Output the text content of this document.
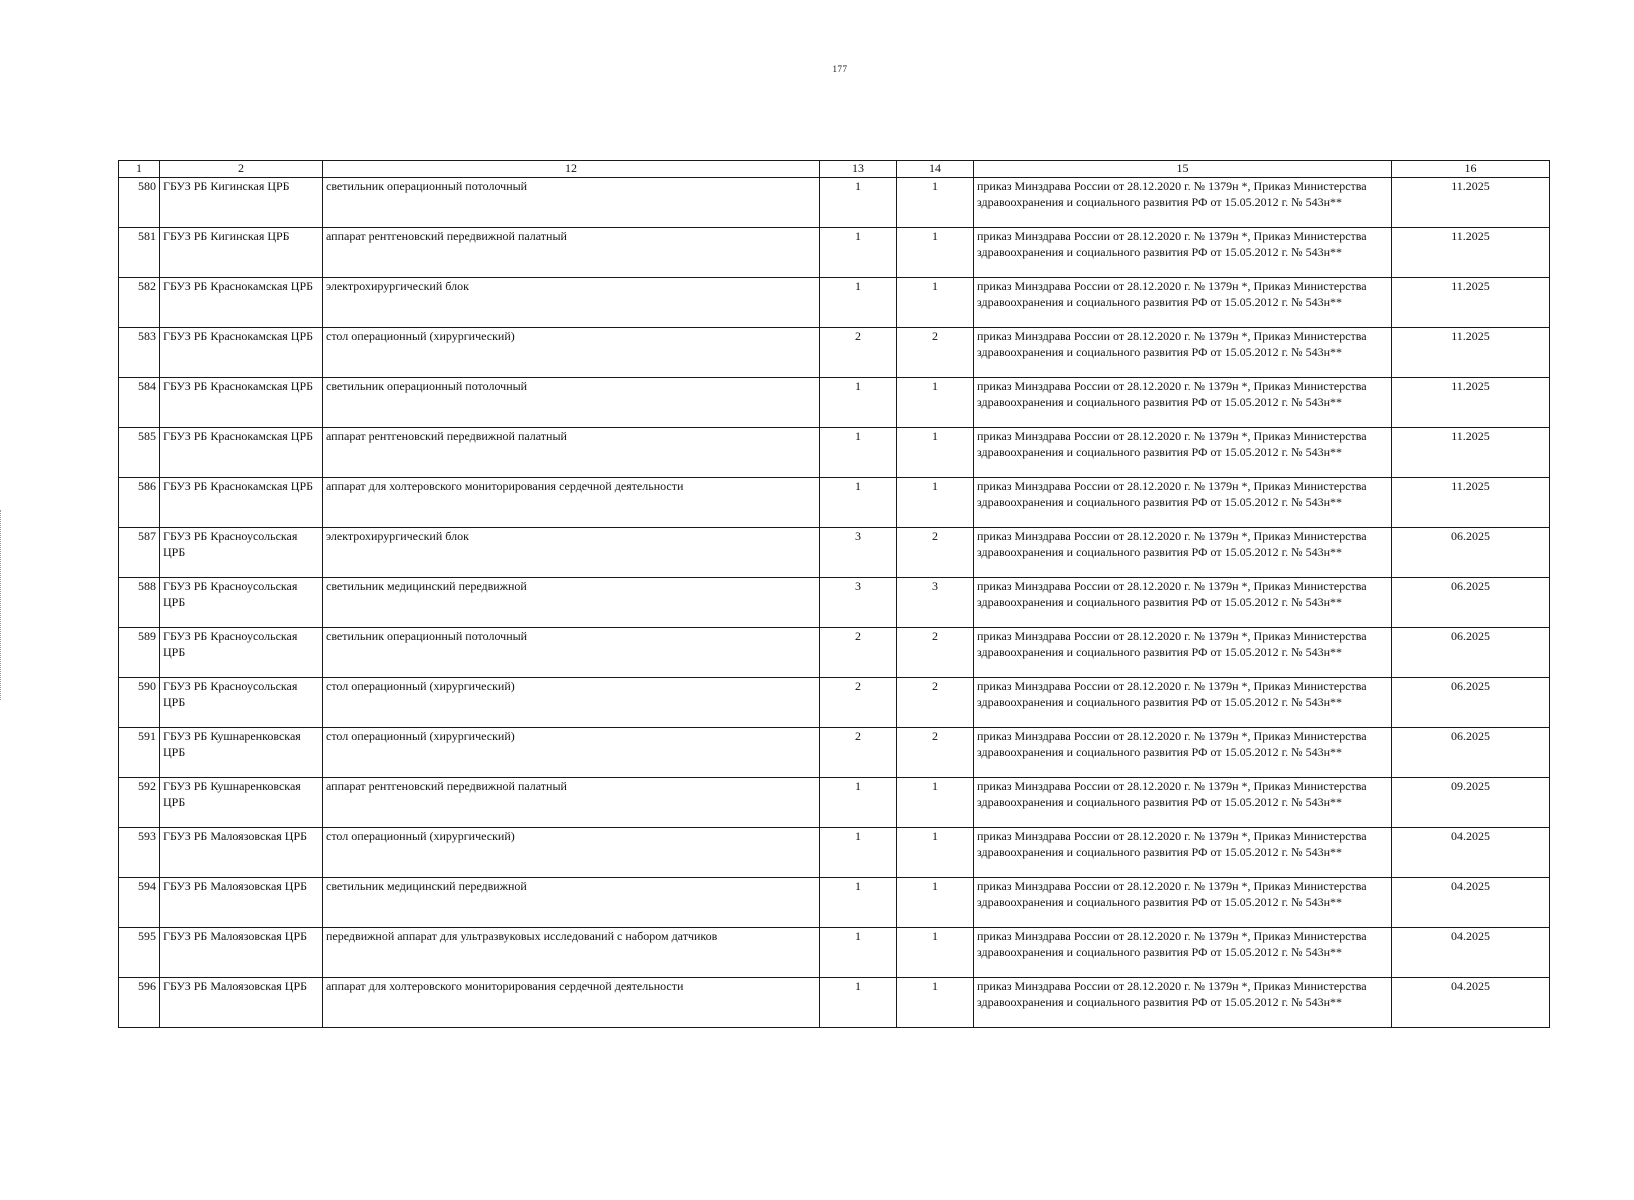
177
1	2	12	13	14	15	16
580	ГБУЗ РБ Кигинская ЦРБ	светильник операционный потолочный	1	1	приказ Минздрава России от 28.12.2020 г. № 1379н *, Приказ Министерства здравоохранения и социального развития РФ от 15.05.2012 г. № 543н**	11.2025
581	ГБУЗ РБ Кигинская ЦРБ	аппарат рентгеновский передвижной палатный	1	1	приказ Минздрава России от 28.12.2020 г. № 1379н *, Приказ Министерства здравоохранения и социального развития РФ от 15.05.2012 г. № 543н**	11.2025
582	ГБУЗ РБ Краснокамская ЦРБ	электрохирургический блок	1	1	приказ Минздрава России от 28.12.2020 г. № 1379н *, Приказ Министерства здравоохранения и социального развития РФ от 15.05.2012 г. № 543н**	11.2025
583	ГБУЗ РБ Краснокамская ЦРБ	стол операционный (хирургический)	2	2	приказ Минздрава России от 28.12.2020 г. № 1379н *, Приказ Министерства здравоохранения и социального развития РФ от 15.05.2012 г. № 543н**	11.2025
584	ГБУЗ РБ Краснокамская ЦРБ	светильник операционный потолочный	1	1	приказ Минздрава России от 28.12.2020 г. № 1379н *, Приказ Министерства здравоохранения и социального развития РФ от 15.05.2012 г. № 543н**	11.2025
585	ГБУЗ РБ Краснокамская ЦРБ	аппарат рентгеновский передвижной палатный	1	1	приказ Минздрава России от 28.12.2020 г. № 1379н *, Приказ Министерства здравоохранения и социального развития РФ от 15.05.2012 г. № 543н**	11.2025
586	ГБУЗ РБ Краснокамская ЦРБ	аппарат для холтеровского мониторирования сердечной деятельности	1	1	приказ Минздрава России от 28.12.2020 г. № 1379н *, Приказ Министерства здравоохранения и социального развития РФ от 15.05.2012 г. № 543н**	11.2025
587	ГБУЗ РБ Красноусольская ЦРБ	электрохирургический блок	3	2	приказ Минздрава России от 28.12.2020 г. № 1379н *, Приказ Министерства здравоохранения и социального развития РФ от 15.05.2012 г. № 543н**	06.2025
588	ГБУЗ РБ Красноусольская ЦРБ	светильник медицинский передвижной	3	3	приказ Минздрава России от 28.12.2020 г. № 1379н *, Приказ Министерства здравоохранения и социального развития РФ от 15.05.2012 г. № 543н**	06.2025
589	ГБУЗ РБ Красноусольская ЦРБ	светильник операционный потолочный	2	2	приказ Минздрава России от 28.12.2020 г. № 1379н *, Приказ Министерства здравоохранения и социального развития РФ от 15.05.2012 г. № 543н**	06.2025
590	ГБУЗ РБ Красноусольская ЦРБ	стол операционный (хирургический)	2	2	приказ Минздрава России от 28.12.2020 г. № 1379н *, Приказ Министерства здравоохранения и социального развития РФ от 15.05.2012 г. № 543н**	06.2025
591	ГБУЗ РБ Кушнаренковская ЦРБ	стол операционный (хирургический)	2	2	приказ Минздрава России от 28.12.2020 г. № 1379н *, Приказ Министерства здравоохранения и социального развития РФ от 15.05.2012 г. № 543н**	06.2025
592	ГБУЗ РБ Кушнаренковская ЦРБ	аппарат рентгеновский передвижной палатный	1	1	приказ Минздрава России от 28.12.2020 г. № 1379н *, Приказ Министерства здравоохранения и социального развития РФ от 15.05.2012 г. № 543н**	09.2025
593	ГБУЗ РБ Малоязовская ЦРБ	стол операционный (хирургический)	1	1	приказ Минздрава России от 28.12.2020 г. № 1379н *, Приказ Министерства здравоохранения и социального развития РФ от 15.05.2012 г. № 543н**	04.2025
594	ГБУЗ РБ Малоязовская ЦРБ	светильник медицинский передвижной	1	1	приказ Минздрава России от 28.12.2020 г. № 1379н *, Приказ Министерства здравоохранения и социального развития РФ от 15.05.2012 г. № 543н**	04.2025
595	ГБУЗ РБ Малоязовская ЦРБ	передвижной аппарат для ультразвуковых исследований с набором датчиков	1	1	приказ Минздрава России от 28.12.2020 г. № 1379н *, Приказ Министерства здравоохранения и социального развития РФ от 15.05.2012 г. № 543н**	04.2025
596	ГБУЗ РБ Малоязовская ЦРБ	аппарат для холтеровского мониторирования сердечной деятельности	1	1	приказ Минздрава России от 28.12.2020 г. № 1379н *, Приказ Министерства здравоохранения и социального развития РФ от 15.05.2012 г. № 543н**	04.2025
